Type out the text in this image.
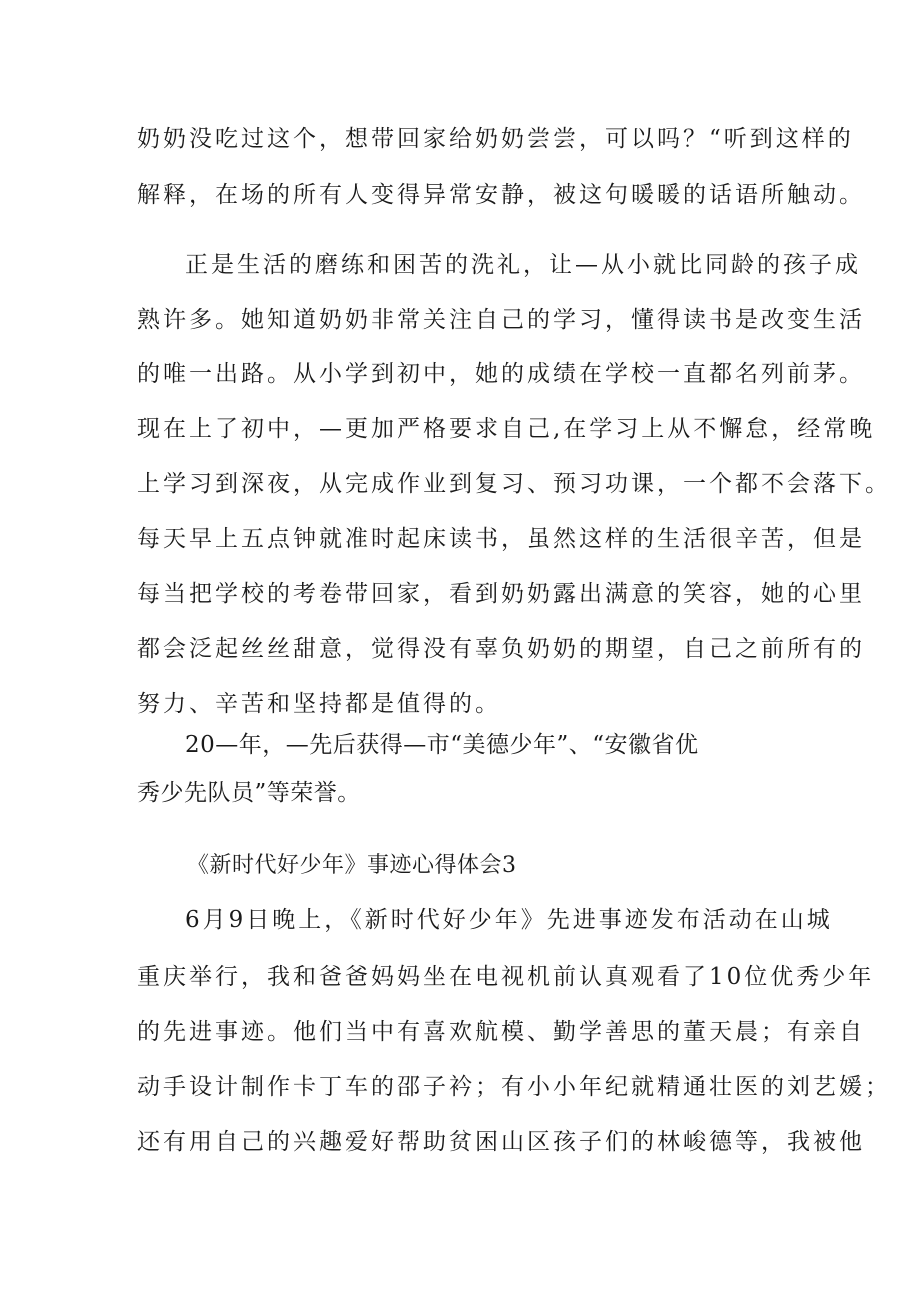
奶奶没吃过这个，想带回家给奶奶尝尝，可以吗？“听到这样的
解释，在场的所有人变得异常安静，被这句暖暖的话语所触动。
正是生活的磨练和困苦的洗礼，让—从小就比同龄的孩子成
熟许多。她知道奶奶非常关注自己的学习，懂得读书是改变生活
的唯一出路。从小学到初中，她的成绩在学校一直都名列前茅。
现在上了初中，—更加严格要求自己,在学习上从不懈怠，经常晚
上学习到深夜，从完成作业到复习、预习功课，一个都不会落下。
每天早上五点钟就准时起床读书，虽然这样的生活很辛苦，但是
每当把学校的考卷带回家，看到奶奶露出满意的笑容，她的心里
都会泛起丝丝甜意，觉得没有辜负奶奶的期望，自己之前所有的
努力、辛苦和坚持都是值得的。
20—年，—先后获得—市“美德少年”、“安徽省优
秀少先队员”等荣誉。
《新时代好少年》事迹心得体会3
6月9日晚上，《新时代好少年》先进事迹发布活动在山城
重庆举行，我和爸爸妈妈坐在电视机前认真观看了10位优秀少年
的先进事迹。他们当中有喜欢航模、勤学善思的董天晨；有亲自
动手设计制作卡丁车的邵子衿；有小小年纪就精通壮医的刘艺媛；
还有用自己的兴趣爱好帮助贫困山区孩子们的林峻德等，我被他
